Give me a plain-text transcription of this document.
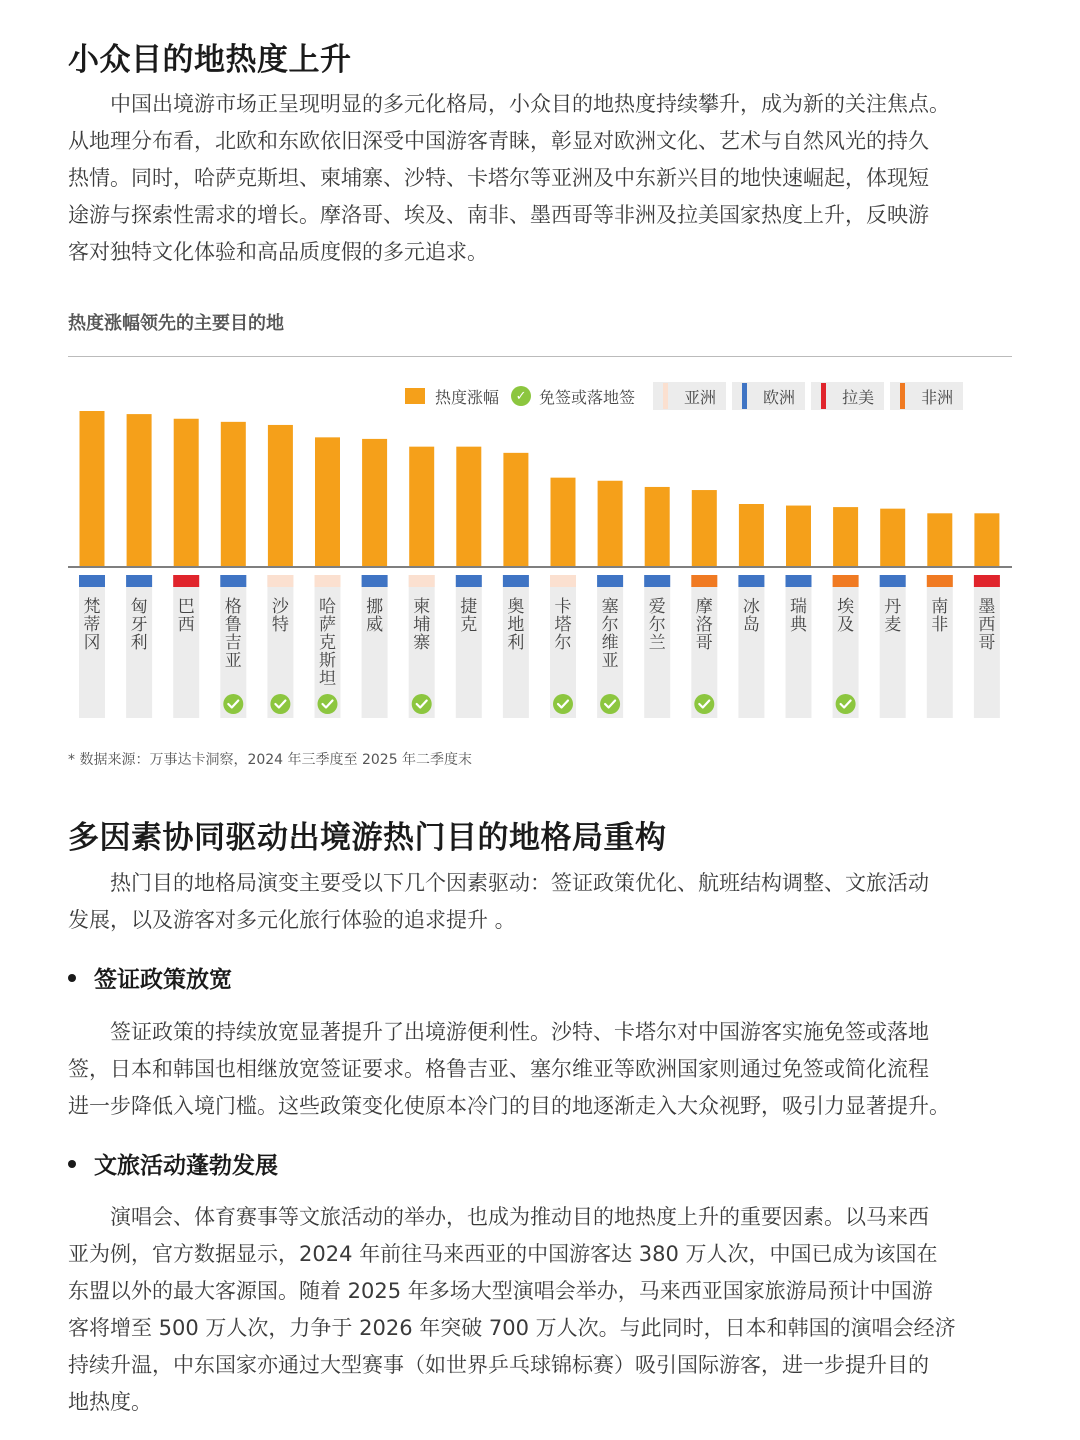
小众目的地热度上升
中国出境游市场正呈现明显的多元化格局，小众目的地热度持续攀升，成为新的关注焦点。
从地理分布看，北欧和东欧依旧深受中国游客青睐，彰显对欧洲文化、艺术与自然风光的持久
热情。同时，哈萨克斯坦、柬埔寨、沙特、卡塔尔等亚洲及中东新兴目的地快速崛起，体现短
途游与探索性需求的增长。摩洛哥、埃及、南非、墨西哥等非洲及拉美国家热度上升，反映游
客对独特文化体验和高品质度假的多元追求。
热度涨幅领先的主要目的地
热度涨幅	✓ 免签或落地签	亚洲	欧洲	拉美	非洲
梵
蒂
冈
匈
牙
利
巴
西
格
鲁
吉
亚
沙
特
哈
萨
克
斯
坦
挪
威
柬
埔
寨
捷
克
奥
地
利
卡
塔
尔
塞
尔
维
亚
爱
尔
兰
摩
洛
哥
冰
岛
瑞
典
埃
及
丹
麦
南
非
墨
西
哥
* 数据来源：万事达卡洞察，2024 年三季度至 2025 年二季度末
多因素协同驱动出境游热门目的地格局重构
热门目的地格局演变主要受以下几个因素驱动：签证政策优化、航班结构调整、文旅活动
发展，以及游客对多元化旅行体验的追求提升 。
签证政策放宽
签证政策的持续放宽显著提升了出境游便利性。沙特、卡塔尔对中国游客实施免签或落地
签，日本和韩国也相继放宽签证要求。格鲁吉亚、塞尔维亚等欧洲国家则通过免签或简化流程
进一步降低入境门槛。这些政策变化使原本冷门的目的地逐渐走入大众视野，吸引力显著提升。
文旅活动蓬勃发展
演唱会、体育赛事等文旅活动的举办，也成为推动目的地热度上升的重要因素。以马来西
亚为例，官方数据显示，2024 年前往马来西亚的中国游客达 380 万人次，中国已成为该国在
东盟以外的最大客源国。随着 2025 年多场大型演唱会举办，马来西亚国家旅游局预计中国游
客将增至 500 万人次，力争于 2026 年突破 700 万人次。与此同时，日本和韩国的演唱会经济
持续升温，中东国家亦通过大型赛事（如世界乒乓球锦标赛）吸引国际游客，进一步提升目的
地热度。
